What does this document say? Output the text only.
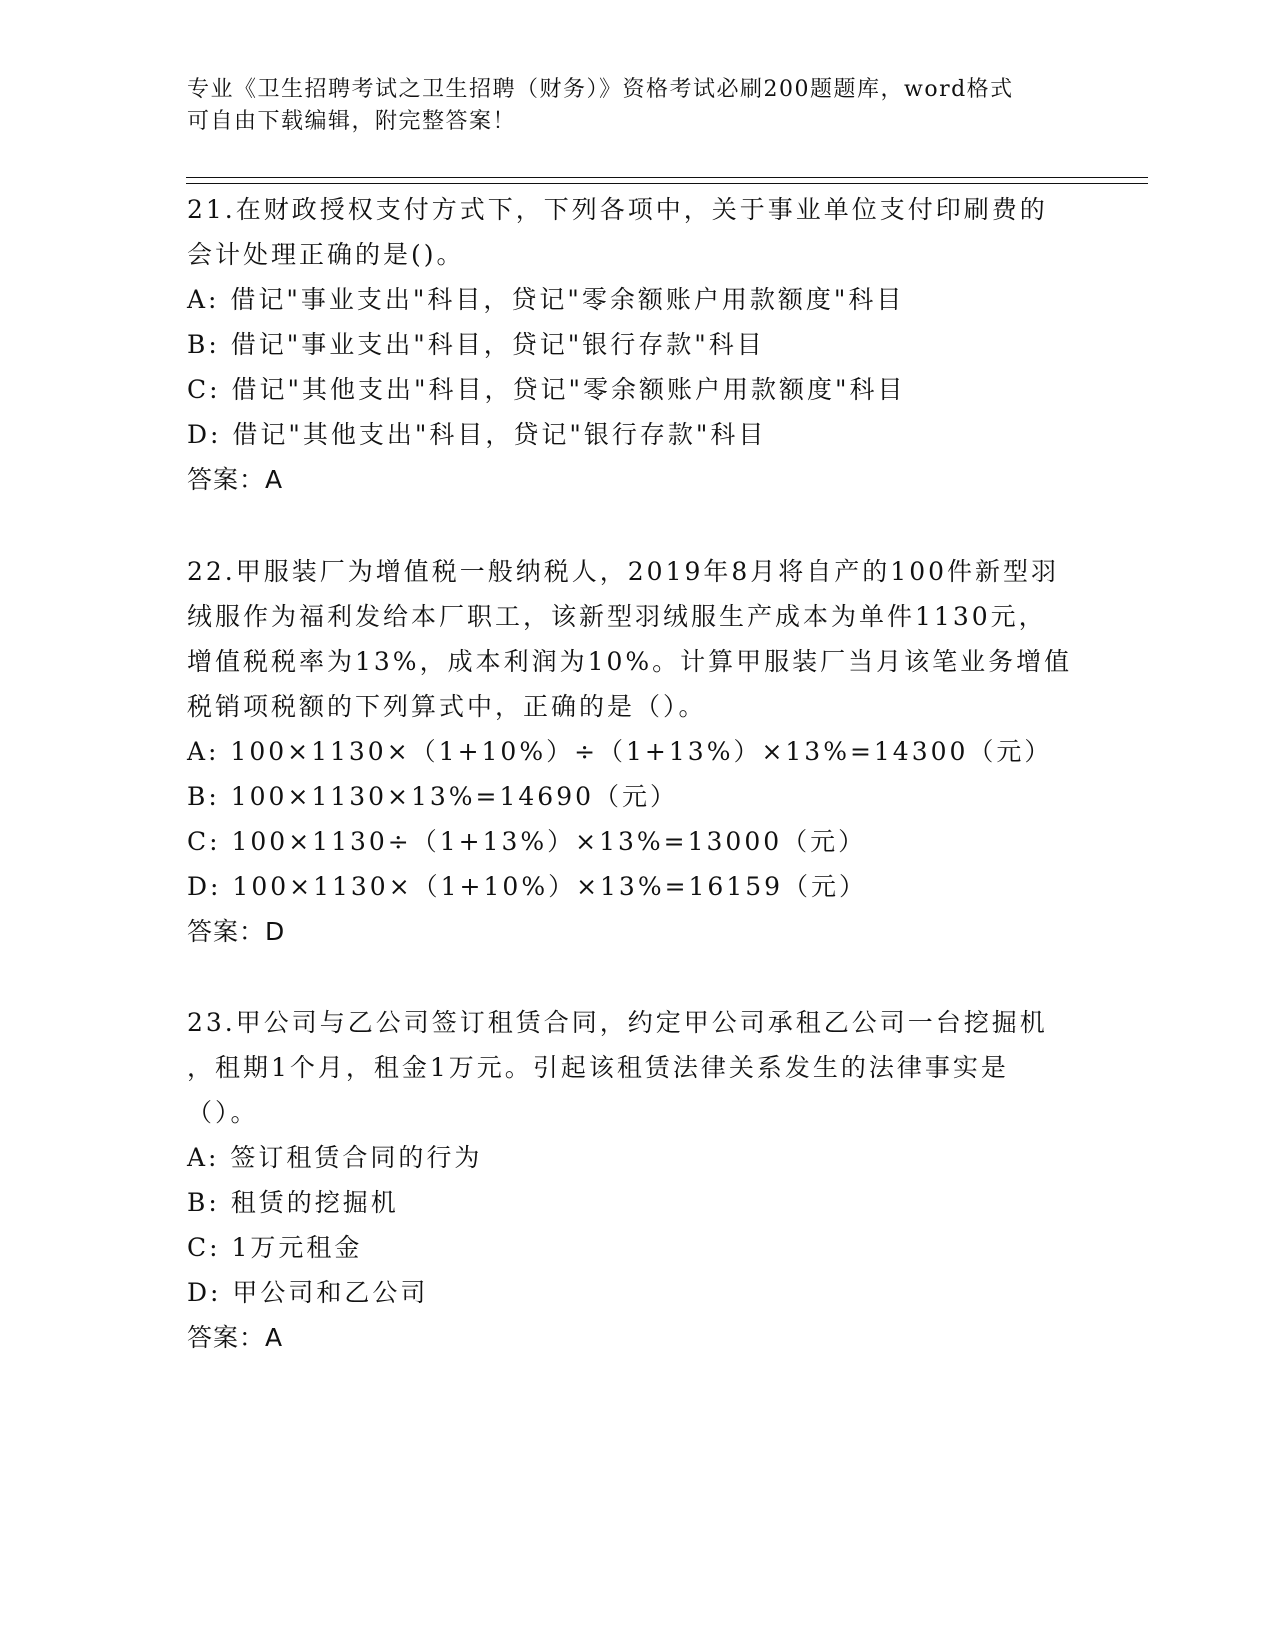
专业《卫生招聘考试之卫生招聘（财务）》资格考试必刷200题题库，word格式
可自由下载编辑，附完整答案！
21.在财政授权支付方式下，下列各项中，关于事业单位支付印刷费的
会计处理正确的是()。
A: 借记"事业支出"科目，贷记"零余额账户用款额度"科目
B: 借记"事业支出"科目，贷记"银行存款"科目
C: 借记"其他支出"科目，贷记"零余额账户用款额度"科目
D: 借记"其他支出"科目，贷记"银行存款"科目
答案：A
22.甲服装厂为增值税一般纳税人，2019年8月将自产的100件新型羽
绒服作为福利发给本厂职工，该新型羽绒服生产成本为单件1130元，
增值税税率为13%，成本利润为10%。计算甲服装厂当月该笔业务增值
税销项税额的下列算式中，正确的是（）。
A: 100×1130×（1+10%）÷（1+13%）×13%=14300（元）
B: 100×1130×13%=14690（元）
C: 100×1130÷（1+13%）×13%=13000（元）
D: 100×1130×（1+10%）×13%=16159（元）
答案：D
23.甲公司与乙公司签订租赁合同，约定甲公司承租乙公司一台挖掘机
，租期1个月，租金1万元。引起该租赁法律关系发生的法律事实是
（）。
A: 签订租赁合同的行为
B: 租赁的挖掘机
C: 1万元租金
D: 甲公司和乙公司
答案：A
